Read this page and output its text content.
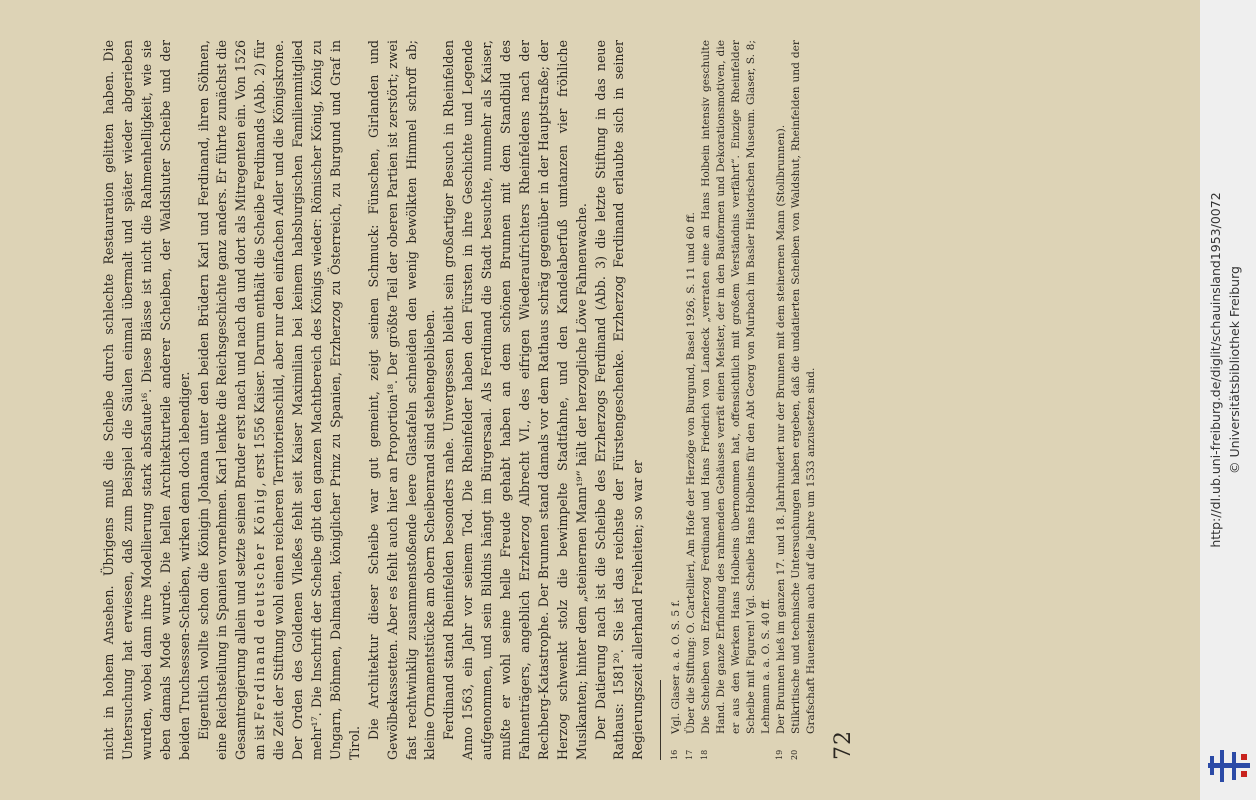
nicht in hohem Ansehen. Übrigens muß die Scheibe durch schlechte Restauration gelitten haben. Die Untersuchung hat erwiesen, daß zum Beispiel die Säulen einmal übermalt und später wieder abgerieben wurden, wobei dann ihre Modellierung stark absfaute¹⁶. Diese Blässe ist nicht die Rahmenhelligkeit, wie sie eben damals Mode wurde. Die hellen Architekturteile anderer Scheiben, der Waldshuter Scheibe und der beiden Truchsessen-Scheiben, wirken denn doch lebendiger. Eigentlich wollte schon die Königin Johanna unter den beiden Brüdern Karl und Ferdinand, ihren Söhnen, eine Reichsteilung in Spanien vornehmen. Karl lenkte die Reichsgeschichte ganz anders. Er führte zunächst die Gesamtregierung allein und setzte seinen Bruder erst nach und nach da und dort als Mitregenten ein. Von 1526 an ist Ferdinand deutscher König, erst 1556 Kaiser. Darum enthält die Scheibe Ferdinands (Abb. 2) für die Zeit der Stiftung wohl einen reicheren Territorienschild, aber nur den einfachen Adler und die Königskrone. Der Orden des Goldenen Vließes fehlt seit Kaiser Maximilian bei keinem habsburgischen Familienmitglied mehr¹⁷. Die Inschrift der Scheibe gibt den ganzen Machtbereich des Königs wieder: Römischer König, König zu Ungarn, Böhmen, Dalmatien, königlicher Prinz zu Spanien, Erzherzog zu Österreich, zu Burgund und Graf in Tirol.

Die Architektur dieser Scheibe war gut gemeint, zeigt seinen Schmuck: Fünschen, Girlanden und Gewölbekassetten. Aber es fehlt auch hier an Proportion¹⁸. Der größte Teil der oberen Partien ist zerstört; zwei fast rechtwinklig zusammenstoßende leere Glastafeln schneiden den wenig bewölkten Himmel schroff ab; kleine Ornamentstücke am obern Scheibenrand sind stehengeblieben. Ferdinand stand Rheinfelden besonders nahe. Unvergessen bleibt sein großartiger Besuch in Rheinfelden Anno 1563, ein Jahr vor seinem Tod. Die Rheinfelder haben den Fürsten in ihre Geschichte und Legende aufgenommen, und sein Bildnis hängt im Bürgersaal. Als Ferdinand die Stadt besuchte, nunmehr als Kaiser, mußte er wohl seine helle Freude gehabt haben an dem schönen Brunnen mit dem Standbild des Fahnenträgers, angeblich Erzherzog Albrecht VI., des eifrigen Wiederaufrichters Rheinfeldens nach der Rechberg-Katastrophe. Der Brunnen stand damals vor dem Rathaus schräg gegenüber in der Hauptstraße; der Herzog schwenkt stolz die bewimpelte Stadtfahne, und den Kandelaberfuß umtanzen vier fröhliche Musikanten; hinter dem „steinernen Mann¹⁹“ hält der herzogliche Löwe Fahnenwache. Der Datierung nach ist die Scheibe des Erzherzogs Ferdinand (Abb. 3) die letzte Stiftung in das neue Rathaus: 1581²⁰. Sie ist das reichste der Fürstengeschenke. Erzherzog Ferdinand erlaubte sich in seiner Regierungszeit allerhand Freiheiten; so war er	16
Vgl. Glaser a. a. O. S. 5 f.
17
Über die Stiftung: O. Cartellieri, Am Hofe der Herzöge von Burgund, Basel 1926, S. 11 und 60 ff.
18
Die Scheiben von Erzherzog Ferdinand und Hans Friedrich von Landeck „verraten eine an Hans Holbein intensiv geschulte Hand. Die ganze Erfindung des rahmenden Gehäuses verrät einen Meister, der in den Bauformen und Dekorationsmotiven, die er aus den Werken Hans Holbeins übernommen hat, offensichtlich mit großem Verständnis verfährt“. Einzige Rheinfelder Scheibe mit Figuren! Vgl. Scheibe Hans Holbeins für den Abt Georg von Murbach im Basler Historischen Museum. Glaser, S. 8; Lehmann a. a. O. S. 40 ff.
19
Der Brunnen hieß im ganzen 17. und 18. Jahrhundert nur der Brunnen mit dem steinernen Mann (Stollbrunnen).
20
Stilkritische und technische Untersuchungen haben ergeben, daß die undatierten Scheiben von Waldshut, Rheinfelden und der Grafschaft Hauenstein auch auf die Jahre um 1533 anzusetzen sind.
72
http://dl.ub.uni-freiburg.de/diglit/schauinsland1953/0072 © Universitätsbibliothek Freiburg
